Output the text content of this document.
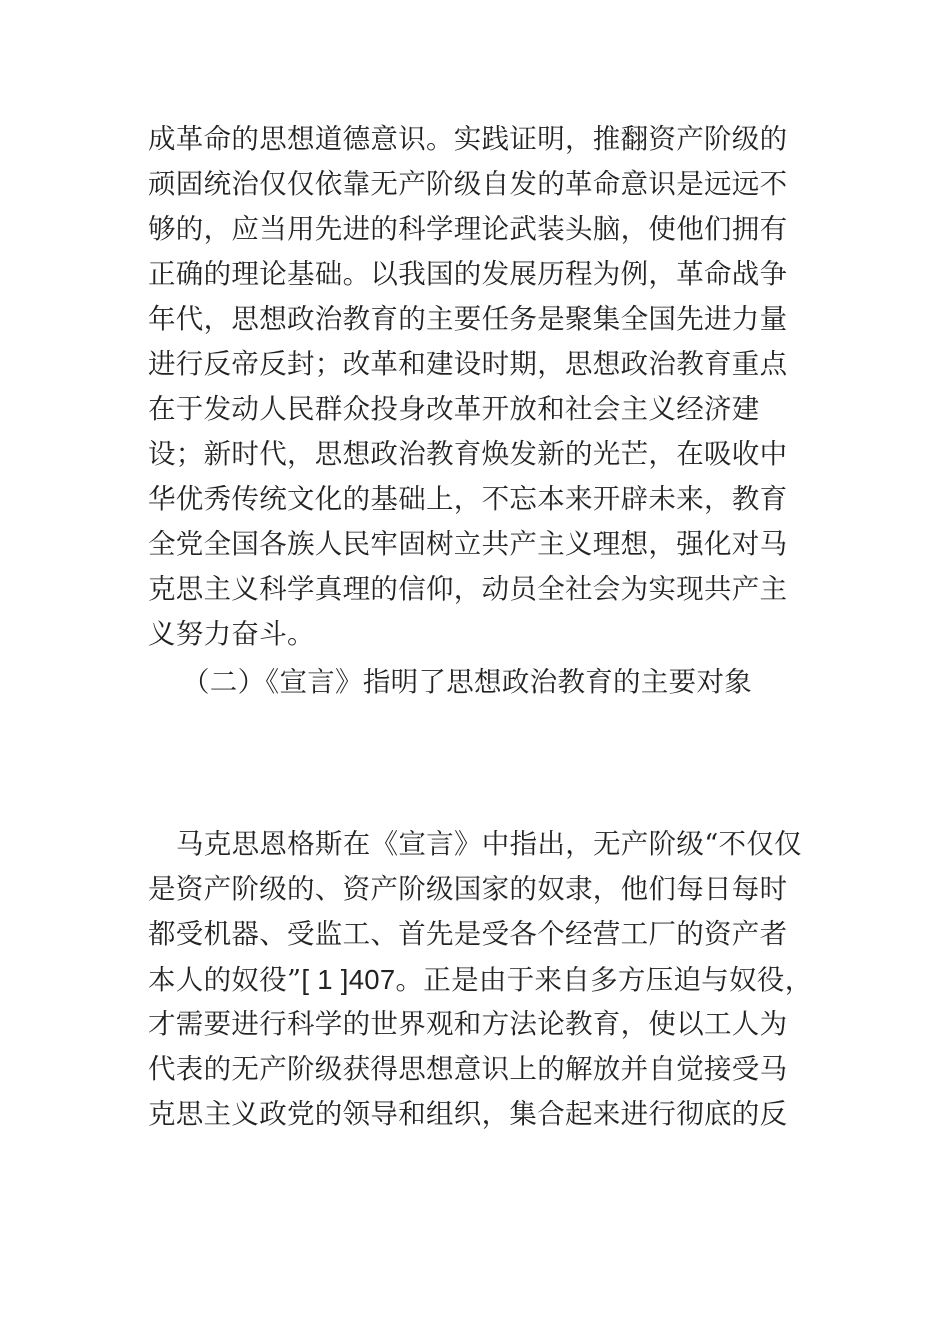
成革命的思想道德意识。实践证明，推翻资产阶级的
顽固统治仅仅依靠无产阶级自发的革命意识是远远不
够的，应当用先进的科学理论武装头脑，使他们拥有
正确的理论基础。以我国的发展历程为例，革命战争
年代，思想政治教育的主要任务是聚集全国先进力量
进行反帝反封；改革和建设时期，思想政治教育重点
在于发动人民群众投身改革开放和社会主义经济建
设；新时代，思想政治教育焕发新的光芒，在吸收中
华优秀传统文化的基础上，不忘本来开辟未来，教育
全党全国各族人民牢固树立共产主义理想，强化对马
克思主义科学真理的信仰，动员全社会为实现共产主
义努力奋斗。
（二）《宣言》指明了思想政治教育的主要对象
马克思恩格斯在《宣言》中指出，无产阶级“不仅仅
是资产阶级的、资产阶级国家的奴隶，他们每日每时
都受机器、受监工、首先是受各个经营工厂的资产者
本人的奴役”[ 1 ]407。正是由于来自多方压迫与奴役，
才需要进行科学的世界观和方法论教育，使以工人为
代表的无产阶级获得思想意识上的解放并自觉接受马
克思主义政党的领导和组织，集合起来进行彻底的反
